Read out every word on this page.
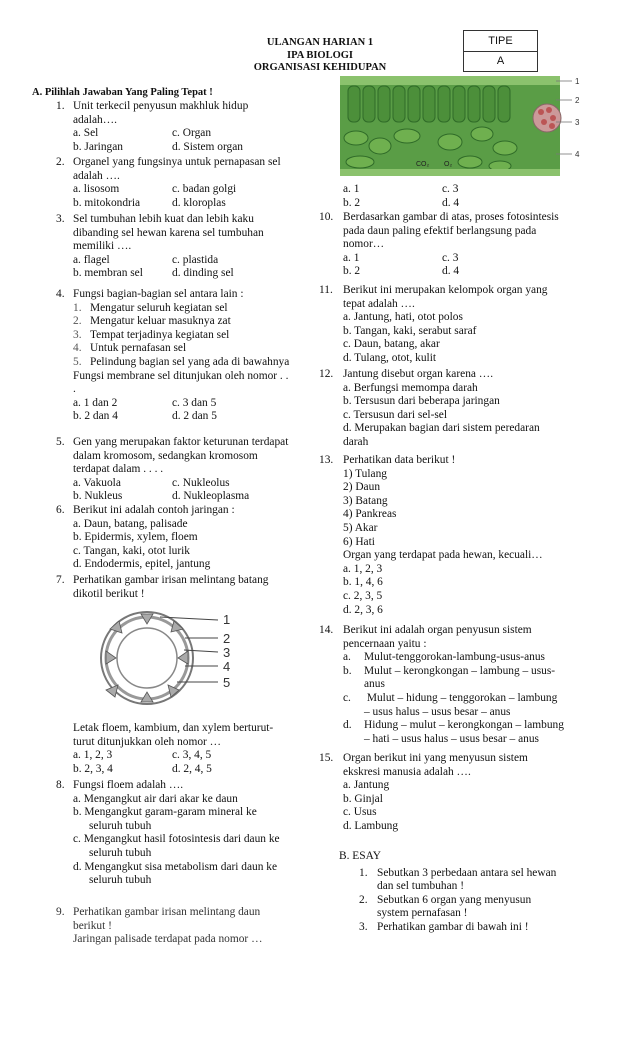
ULANGAN HARIAN 1
IPA BIOLOGI
ORGANISASI KEHIDUPAN
TIPE
A
A. Pilihlah Jawaban Yang Paling Tepat !
1. Unit terkecil penyusun makhluk hidup
adalah….
a. Sel	c. Organ
b. Jaringan	d. Sistem organ
2. Organel yang fungsinya untuk pernapasan sel
adalah ….
a. lisosom	c. badan golgi
b. mitokondria	d. kloroplas
3. Sel tumbuhan lebih kuat dan lebih kaku
dibanding sel hewan karena sel tumbuhan
memiliki ….
a. flagel	c. plastida
b. membran sel	d. dinding sel
4. Fungsi bagian-bagian sel antara lain :
1. Mengatur seluruh kegiatan sel
2. Mengatur keluar masuknya zat
3. Tempat terjadinya kegiatan sel
4. Untuk pernafasan sel
5. Pelindung bagian sel yang ada di bawahnya
Fungsi membrane sel ditunjukan oleh nomor . .
.
a. 1 dan 2	c. 3 dan 5
b. 2 dan 4	d. 2 dan 5
5. Gen yang merupakan faktor keturunan terdapat
dalam kromosom, sedangkan kromosom
terdapat dalam . . . .
a. Vakuola	c. Nukleolus
b. Nukleus	d. Nukleoplasma
6. Berikut ini adalah contoh jaringan :
a. Daun, batang, palisade
b. Epidermis, xylem, floem
c. Tangan, kaki, otot lurik
d. Endodermis, epitel, jantung
7. Perhatikan gambar irisan melintang batang
dikotil berikut !
1
2
3
4
5
Letak floem, kambium, dan xylem berturut-
turut ditunjukkan oleh nomor …
a. 1, 2, 3	c. 3, 4, 5
b. 2, 3, 4	d. 2, 4, 5
8. Fungsi floem adalah ….
a. Mengangkut air dari akar ke daun
b. Mengangkut garam-garam mineral ke
seluruh tubuh
c. Mengangkut hasil fotosintesis dari daun ke
seluruh tubuh
d. Mengangkut sisa metabolism dari daun ke
seluruh tubuh
9. Perhatikan gambar irisan melintang daun
berikut !
Jaringan palisade terdapat pada nomor …
CO₂ O₂
1
2
3
4
a. 1	c. 3
b. 2	d. 4
10. Berdasarkan gambar di atas, proses fotosintesis
pada daun paling efektif berlangsung pada
nomor…
a. 1	c. 3
b. 2	d. 4
11. Berikut ini merupakan kelompok organ yang
tepat adalah ….
a. Jantung, hati, otot polos
b. Tangan, kaki, serabut saraf
c. Daun, batang, akar
d. Tulang, otot, kulit
12. Jantung disebut organ karena ….
a. Berfungsi memompa darah
b. Tersusun dari beberapa jaringan
c. Tersusun dari sel-sel
d. Merupakan bagian dari sistem peredaran
darah
13. Perhatikan data berikut !
1) Tulang
2) Daun
3) Batang
4) Pankreas
5) Akar
6) Hati
Organ yang terdapat pada hewan, kecuali…
a. 1, 2, 3
b. 1, 4, 6
c. 2, 3, 5
d. 2, 3, 6
14. Berikut ini adalah organ penyusun sistem
pencernaan yaitu :
a. Mulut-tenggorokan-lambung-usus-anus
b. Mulut – kerongkongan – lambung – usus-
anus
c. Mulut – hidung – tenggorokan – lambung
– usus halus – usus besar – anus
d. Hidung – mulut – kerongkongan – lambung
– hati – usus halus – usus besar – anus
15. Organ berikut ini yang menyusun sistem
ekskresi manusia adalah ….
a. Jantung
b. Ginjal
c. Usus
d. Lambung
B. ESAY
1. Sebutkan 3 perbedaan antara sel hewan
dan sel tumbuhan !
2. Sebutkan 6 organ yang menyusun
system pernafasan !
3. Perhatikan gambar di bawah ini !
